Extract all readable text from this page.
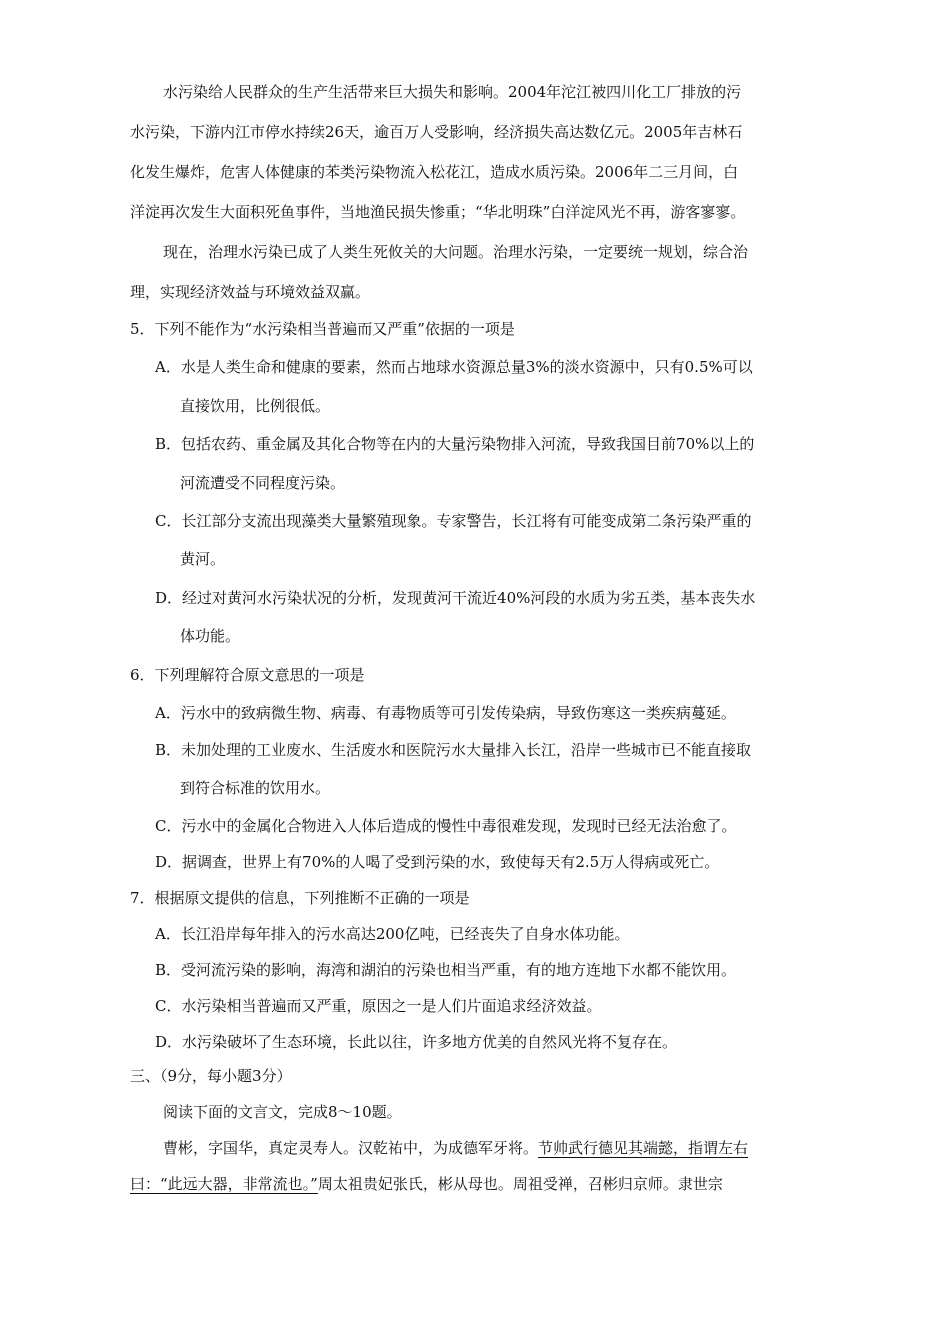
水污染给人民群众的生产生活带来巨大损失和影响。2004年沱江被四川化工厂排放的污
水污染，下游内江市停水持续26天，逾百万人受影响，经济损失高达数亿元。2005年吉林石
化发生爆炸，危害人体健康的苯类污染物流入松花江，造成水质污染。2006年二三月间，白
洋淀再次发生大面积死鱼事件，当地渔民损失惨重；“华北明珠”白洋淀风光不再，游客寥寥。
现在，治理水污染已成了人类生死攸关的大问题。治理水污染，一定要统一规划，综合治
理，实现经济效益与环境效益双赢。
5．下列不能作为“水污染相当普遍而又严重”依据的一项是
A．水是人类生命和健康的要素，然而占地球水资源总量3%的淡水资源中，只有0.5%可以
直接饮用，比例很低。
B．包括农药、重金属及其化合物等在内的大量污染物排入河流，导致我国目前70%以上的
河流遭受不同程度污染。
C．长江部分支流出现藻类大量繁殖现象。专家警告，长江将有可能变成第二条污染严重的
黄河。
D．经过对黄河水污染状况的分析，发现黄河干流近40%河段的水质为劣五类，基本丧失水
体功能。
6．下列理解符合原文意思的一项是
A．污水中的致病微生物、病毒、有毒物质等可引发传染病，导致伤寒这一类疾病蔓延。
B．未加处理的工业废水、生活废水和医院污水大量排入长江，沿岸一些城市已不能直接取
到符合标准的饮用水。
C．污水中的金属化合物进入人体后造成的慢性中毒很难发现，发现时已经无法治愈了。
D．据调查，世界上有70%的人喝了受到污染的水，致使每天有2.5万人得病或死亡。
7．根据原文提供的信息，下列推断不正确的一项是
A．长江沿岸每年排入的污水高达200亿吨，已经丧失了自身水体功能。
B．受河流污染的影响，海湾和湖泊的污染也相当严重，有的地方连地下水都不能饮用。
C．水污染相当普遍而又严重，原因之一是人们片面追求经济效益。
D．水污染破坏了生态环境，长此以往，许多地方优美的自然风光将不复存在。
三、（9分，每小题3分）
阅读下面的文言文，完成8～10题。
曹彬，字国华，真定灵寿人。汉乾祐中，为成德军牙将。节帅武行德见其端懿，指谓左右
曰：“此远大器，非常流也。”周太祖贵妃张氏，彬从母也。周祖受禅，召彬归京师。隶世宗
